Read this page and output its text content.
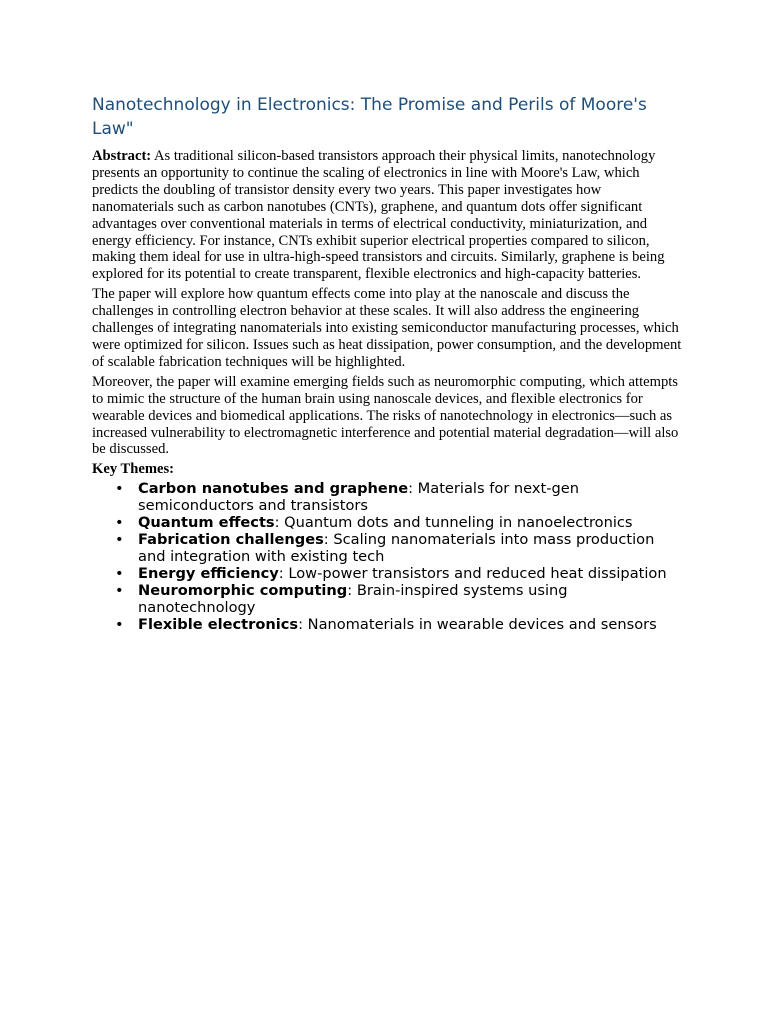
Nanotechnology in Electronics: The Promise and Perils of Moore's Law"

Abstract: As traditional silicon-based transistors approach their physical limits, nanotechnology presents an opportunity to continue the scaling of electronics in line with Moore's Law, which predicts the doubling of transistor density every two years. This paper investigates how nanomaterials such as carbon nanotubes (CNTs), graphene, and quantum dots offer significant advantages over conventional materials in terms of electrical conductivity, miniaturization, and energy efficiency. For instance, CNTs exhibit superior electrical properties compared to silicon, making them ideal for use in ultra-high-speed transistors and circuits. Similarly, graphene is being explored for its potential to create transparent, flexible electronics and high-capacity batteries.

The paper will explore how quantum effects come into play at the nanoscale and discuss the challenges in controlling electron behavior at these scales. It will also address the engineering challenges of integrating nanomaterials into existing semiconductor manufacturing processes, which were optimized for silicon. Issues such as heat dissipation, power consumption, and the development of scalable fabrication techniques will be highlighted.

Moreover, the paper will examine emerging fields such as neuromorphic computing, which attempts to mimic the structure of the human brain using nanoscale devices, and flexible electronics for wearable devices and biomedical applications. The risks of nanotechnology in electronics—such as increased vulnerability to electromagnetic interference and potential material degradation—will also be discussed.

Key Themes:
• Carbon nanotubes and graphene: Materials for next-gen semiconductors and transistors
• Quantum effects: Quantum dots and tunneling in nanoelectronics
• Fabrication challenges: Scaling nanomaterials into mass production and integration with existing tech
• Energy efficiency: Low-power transistors and reduced heat dissipation
• Neuromorphic computing: Brain-inspired systems using nanotechnology
• Flexible electronics: Nanomaterials in wearable devices and sensors
